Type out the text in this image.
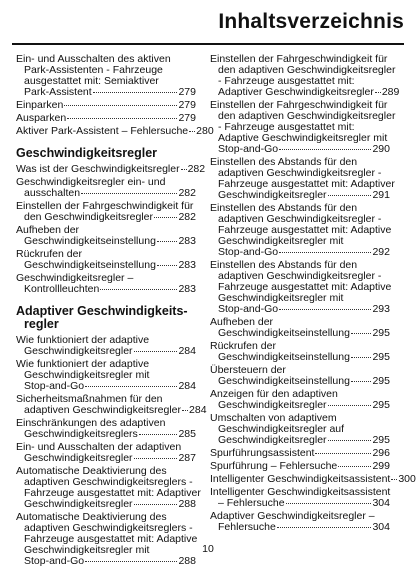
Inhaltsverzeichnis
Ein- und Ausschalten des aktiven
Park-Assistenten - Fahrzeuge
ausgestattet mit: Semiaktiver
Park-Assistent	279
Einparken	279
Ausparken	279
Aktiver Park-Assistent – Fehlersuche 280
Geschwindigkeitsregler
Was ist der Geschwindigkeitsregler 282
Geschwindigkeitsregler ein- und
ausschalten	282
Einstellen der Fahrgeschwindigkeit für
den Geschwindigkeitsregler 282
Aufheben der
Geschwindigkeitseinstellung 283
Rückrufen der
Geschwindigkeitseinstellung 283
Geschwindigkeitsregler –
Kontrollleuchten	283
Adaptiver Geschwindigkeits-
regler
Wie funktioniert der adaptive
Geschwindigkeitsregler	284
Wie funktioniert der adaptive
Geschwindigkeitsregler mit
Stop-and-Go	284
Sicherheitsmaßnahmen für den
adaptiven Geschwindigkeitsregler 284
Einschränkungen des adaptiven
Geschwindigkeitsreglers	285
Ein- und Ausschalten der adaptiven
Geschwindigkeitsregler	287
Automatische Deaktivierung des
adaptiven Geschwindigkeitsreglers -
Fahrzeuge ausgestattet mit: Adaptiver
Geschwindigkeitsregler	288
Automatische Deaktivierung des
adaptiven Geschwindigkeitsreglers -
Fahrzeuge ausgestattet mit: Adaptive
Geschwindigkeitsregler mit
Stop-and-Go	288
Einstellen der Fahrgeschwindigkeit für
den adaptiven Geschwindigkeitsregler
- Fahrzeuge ausgestattet mit:
Adaptiver Geschwindigkeitsregler 289
Einstellen der Fahrgeschwindigkeit für
den adaptiven Geschwindigkeitsregler
- Fahrzeuge ausgestattet mit:
Adaptive Geschwindigkeitsregler mit
Stop-and-Go	290
Einstellen des Abstands für den
adaptiven Geschwindigkeitsregler -
Fahrzeuge ausgestattet mit: Adaptiver
Geschwindigkeitsregler	291
Einstellen des Abstands für den
adaptiven Geschwindigkeitsregler -
Fahrzeuge ausgestattet mit: Adaptive
Geschwindigkeitsregler mit
Stop-and-Go	292
Einstellen des Abstands für den
adaptiven Geschwindigkeitsregler -
Fahrzeuge ausgestattet mit: Adaptive
Geschwindigkeitsregler mit
Stop-and-Go	293
Aufheben der
Geschwindigkeitseinstellung 295
Rückrufen der
Geschwindigkeitseinstellung 295
Übersteuern der
Geschwindigkeitseinstellung 295
Anzeigen für den adaptiven
Geschwindigkeitsregler	295
Umschalten von adaptivem
Geschwindigkeitsregler auf
Geschwindigkeitsregler	295
Spurführungsassistent	296
Spurführung – Fehlersuche	299
Intelligenter Geschwindigkeitsassistent 300
Intelligenter Geschwindigkeitsassistent
– Fehlersuche	304
Adaptiver Geschwindigkeitsregler –
Fehlersuche	304
10
